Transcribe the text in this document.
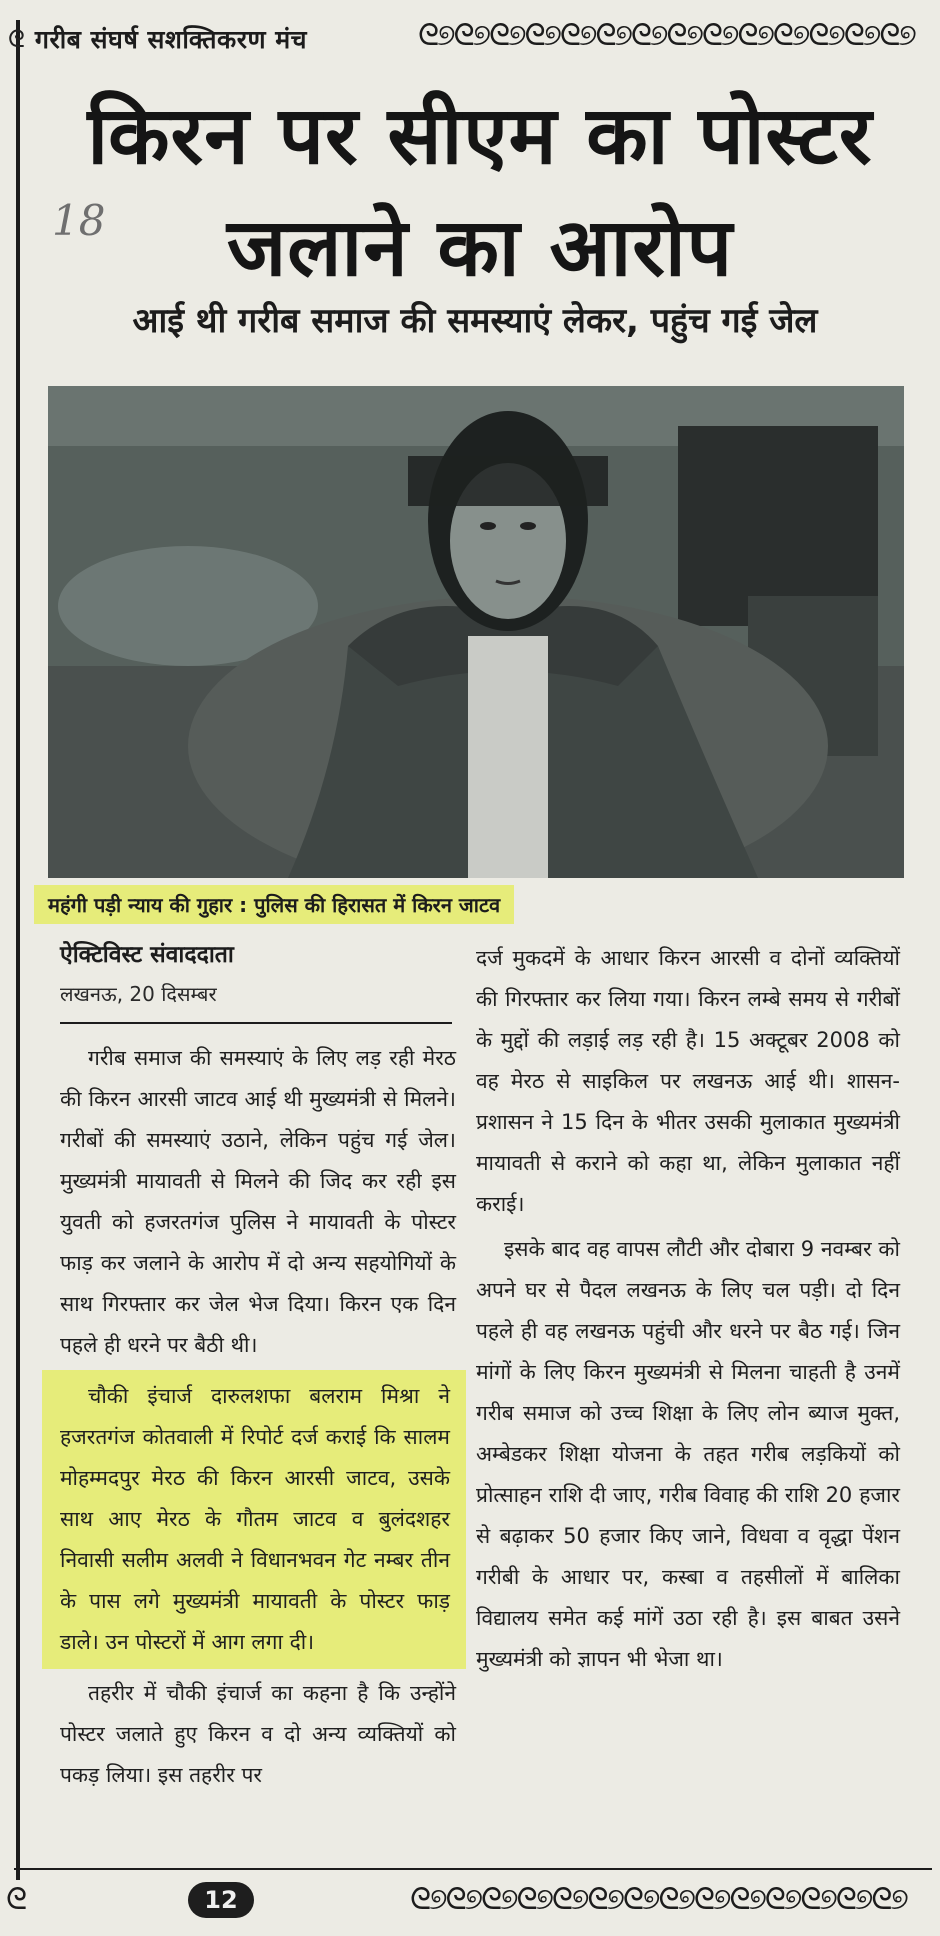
ᘓ गरीब संघर्ष सशक्तिकरण मंच	ᘓ୭ᘓ୭ᘓ୭ᘓ୭ᘓ୭ᘓ୭ᘓ୭ᘓ୭ᘓ୭ᘓ୭ᘓ୭ᘓ୭ᘓ୭ᘓ୭
18
किरन पर सीएम का पोस्टर जलाने का आरोप
आई थी गरीब समाज की समस्याएं लेकर, पहुंच गई जेल
महंगी पड़ी न्याय की गुहार : पुलिस की हिरासत में किरन जाटव

ऐक्टिविस्ट संवाददाता

लखनऊ, 20 दिसम्बर

गरीब समाज की समस्याएं के लिए लड़ रही मेरठ की किरन आरसी जाटव आई थी मुख्यमंत्री से मिलने। गरीबों की समस्याएं उठाने, लेकिन पहुंच गई जेल। मुख्यमंत्री मायावती से मिलने की जिद कर रही इस युवती को हजरतगंज पुलिस ने मायावती के पोस्टर फाड़ कर जलाने के आरोप में दो अन्य सहयोगियों के साथ गिरफ्तार कर जेल भेज दिया। किरन एक दिन पहले ही धरने पर बैठी थी।

चौकी इंचार्ज दारुलशफा बलराम मिश्रा ने हजरतगंज कोतवाली में रिपोर्ट दर्ज कराई कि सालम मोहम्मदपुर मेरठ की किरन आरसी जाटव, उसके साथ आए मेरठ के गौतम जाटव व बुलंदशहर निवासी सलीम अलवी ने विधानभवन गेट नम्बर तीन के पास लगे मुख्यमंत्री मायावती के पोस्टर फाड़ डाले। उन पोस्टरों में आग लगा दी।

तहरीर में चौकी इंचार्ज का कहना है कि उन्होंने पोस्टर जलाते हुए किरन व दो अन्य व्यक्तियों को पकड़ लिया। इस तहरीर पर

दर्ज मुकदमें के आधार किरन आरसी व दोनों व्यक्तियों की गिरफ्तार कर लिया गया। किरन लम्बे समय से गरीबों के मुद्दों की लड़ाई लड़ रही है। 15 अक्टूबर 2008 को वह मेरठ से साइकिल पर लखनऊ आई थी। शासन-प्रशासन ने 15 दिन के भीतर उसकी मुलाकात मुख्यमंत्री मायावती से कराने को कहा था, लेकिन मुलाकात नहीं कराई।

इसके बाद वह वापस लौटी और दोबारा 9 नवम्बर को अपने घर से पैदल लखनऊ के लिए चल पड़ी। दो दिन पहले ही वह लखनऊ पहुंची और धरने पर बैठ गई। जिन मांगों के लिए किरन मुख्यमंत्री से मिलना चाहती है उनमें गरीब समाज को उच्च शिक्षा के लिए लोन ब्याज मुक्त, अम्बेडकर शिक्षा योजना के तहत गरीब लड़कियों को प्रोत्साहन राशि दी जाए, गरीब विवाह की राशि 20 हजार से बढ़ाकर 50 हजार किए जाने, विधवा व वृद्धा पेंशन गरीबी के आधार पर, कस्बा व तहसीलों में बालिका विद्यालय समेत कई मांगें उठा रही है। इस बाबत उसने मुख्यमंत्री को ज्ञापन भी भेजा था।

ᘓ	12	ᘓ୭ᘓ୭ᘓ୭ᘓ୭ᘓ୭ᘓ୭ᘓ୭ᘓ୭ᘓ୭ᘓ୭ᘓ୭ᘓ୭ᘓ୭ᘓ୭
